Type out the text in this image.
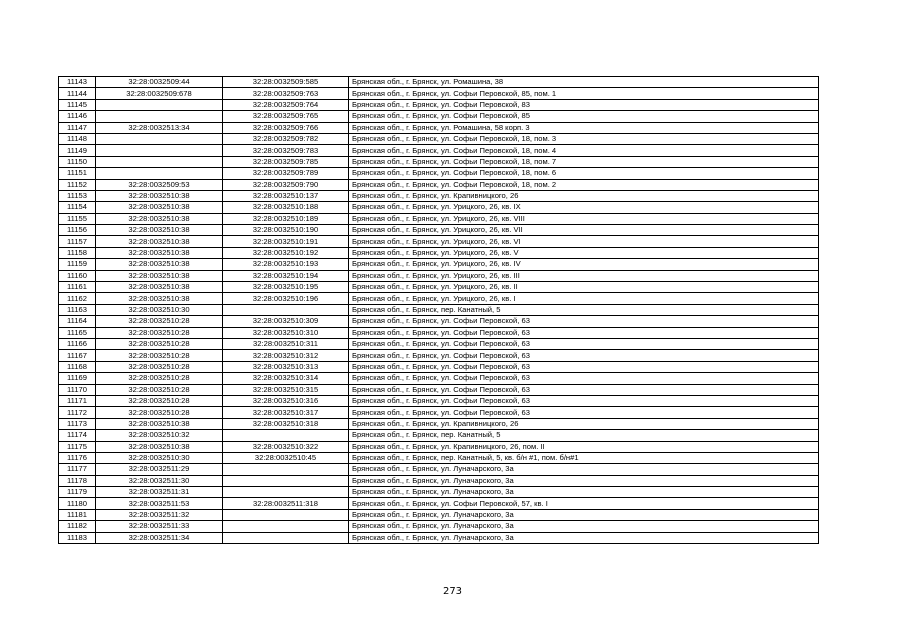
11143	32:28:0032509:44	32:28:0032509:585	Брянская обл., г. Брянск, ул. Ромашина, 38
11144	32:28:0032509:678	32:28:0032509:763	Брянская обл., г. Брянск, ул. Софьи Перовской, 85, пом. 1
11145		32:28:0032509:764	Брянская обл., г. Брянск, ул. Софьи Перовской, 83
11146		32:28:0032509:765	Брянская обл., г. Брянск, ул. Софьи Перовской, 85
11147	32:28:0032513:34	32:28:0032509:766	Брянская обл., г. Брянск, ул. Ромашина, 58 корп. 3
11148		32:28:0032509:782	Брянская обл., г. Брянск, ул. Софьи Перовской, 18, пом. 3
11149		32:28:0032509:783	Брянская обл., г. Брянск, ул. Софьи Перовской, 18, пом. 4
11150		32:28:0032509:785	Брянская обл., г. Брянск, ул. Софьи Перовской, 18, пом. 7
11151		32:28:0032509:789	Брянская обл., г. Брянск, ул. Софьи Перовской, 18, пом. 6
11152	32:28:0032509:53	32:28:0032509:790	Брянская обл., г. Брянск, ул. Софьи Перовской, 18, пом. 2
11153	32:28:0032510:38	32:28:0032510:137	Брянская обл., г. Брянск, ул. Крапивницкого, 26
11154	32:28:0032510:38	32:28:0032510:188	Брянская обл., г. Брянск, ул. Урицкого, 26, кв. IX
11155	32:28:0032510:38	32:28:0032510:189	Брянская обл., г. Брянск, ул. Урицкого, 26, кв. VIII
11156	32:28:0032510:38	32:28:0032510:190	Брянская обл., г. Брянск, ул. Урицкого, 26, кв. VII
11157	32:28:0032510:38	32:28:0032510:191	Брянская обл., г. Брянск, ул. Урицкого, 26, кв. VI
11158	32:28:0032510:38	32:28:0032510:192	Брянская обл., г. Брянск, ул. Урицкого, 26, кв. V
11159	32:28:0032510:38	32:28:0032510:193	Брянская обл., г. Брянск, ул. Урицкого, 26, кв. IV
11160	32:28:0032510:38	32:28:0032510:194	Брянская обл., г. Брянск, ул. Урицкого, 26, кв. III
11161	32:28:0032510:38	32:28:0032510:195	Брянская обл., г. Брянск, ул. Урицкого, 26, кв. II
11162	32:28:0032510:38	32:28:0032510:196	Брянская обл., г. Брянск, ул. Урицкого, 26, кв. I
11163	32:28:0032510:30		Брянская обл., г. Брянск, пер. Канатный, 5
11164	32:28:0032510:28	32:28:0032510:309	Брянская обл., г. Брянск, ул. Софьи Перовской, 63
11165	32:28:0032510:28	32:28:0032510:310	Брянская обл., г. Брянск, ул. Софьи Перовской, 63
11166	32:28:0032510:28	32:28:0032510:311	Брянская обл., г. Брянск, ул. Софьи Перовской, 63
11167	32:28:0032510:28	32:28:0032510:312	Брянская обл., г. Брянск, ул. Софьи Перовской, 63
11168	32:28:0032510:28	32:28:0032510:313	Брянская обл., г. Брянск, ул. Софьи Перовской, 63
11169	32:28:0032510:28	32:28:0032510:314	Брянская обл., г. Брянск, ул. Софьи Перовской, 63
11170	32:28:0032510:28	32:28:0032510:315	Брянская обл., г. Брянск, ул. Софьи Перовской, 63
11171	32:28:0032510:28	32:28:0032510:316	Брянская обл., г. Брянск, ул. Софьи Перовской, 63
11172	32:28:0032510:28	32:28:0032510:317	Брянская обл., г. Брянск, ул. Софьи Перовской, 63
11173	32:28:0032510:38	32:28:0032510:318	Брянская обл., г. Брянск, ул. Крапивницкого, 26
11174	32:28:0032510:32		Брянская обл., г. Брянск, пер. Канатный, 5
11175	32:28:0032510:38	32:28:0032510:322	Брянская обл., г. Брянск, ул. Крапивницкого, 26, пом. II
11176	32:28:0032510:30	32:28:0032510:45	Брянская обл., г. Брянск, пер. Канатный, 5, кв. б/н #1, пом. б/н#1
11177	32:28:0032511:29		Брянская обл., г. Брянск, ул. Луначарского, 3а
11178	32:28:0032511:30		Брянская обл., г. Брянск, ул. Луначарского, 3а
11179	32:28:0032511:31		Брянская обл., г. Брянск, ул. Луначарского, 3а
11180	32:28:0032511:53	32:28:0032511:318	Брянская обл., г. Брянск, ул. Софьи Перовской, 57, кв. I
11181	32:28:0032511:32		Брянская обл., г. Брянск, ул. Луначарского, 3а
11182	32:28:0032511:33		Брянская обл., г. Брянск, ул. Луначарского, 3а
11183	32:28:0032511:34		Брянская обл., г. Брянск, ул. Луначарского, 3а
273
